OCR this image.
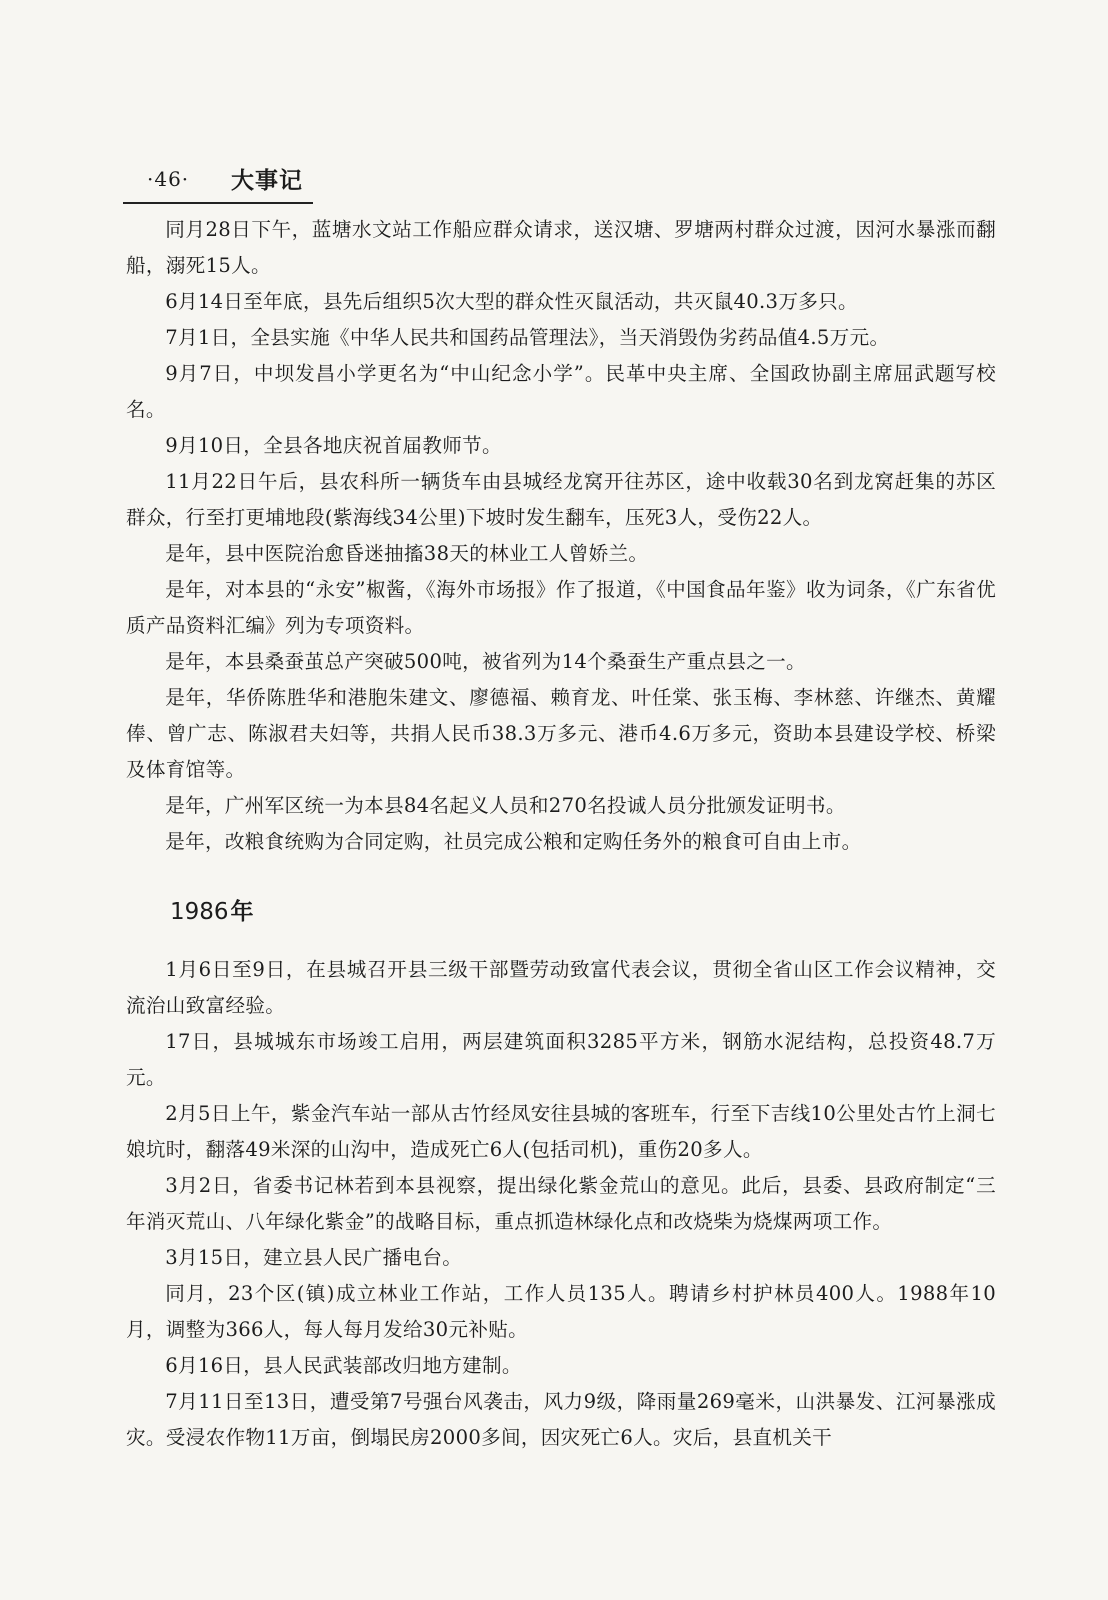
·46· 大事记

同月28日下午，蓝塘水文站工作船应群众请求，送汉塘、罗塘两村群众过渡，因河水暴涨而翻船，溺死15人。

6月14日至年底，县先后组织5次大型的群众性灭鼠活动，共灭鼠40.3万多只。

7月1日，全县实施《中华人民共和国药品管理法》，当天消毁伪劣药品值4.5万元。

9月7日，中坝发昌小学更名为“中山纪念小学”。民革中央主席、全国政协副主席屈武题写校名。

9月10日，全县各地庆祝首届教师节。

11月22日午后，县农科所一辆货车由县城经龙窝开往苏区，途中收载30名到龙窝赶集的苏区群众，行至打更埔地段(紫海线34公里)下坡时发生翻车，压死3人，受伤22人。

是年，县中医院治愈昏迷抽搐38天的林业工人曾娇兰。

是年，对本县的“永安”椒酱，《海外市场报》作了报道，《中国食品年鉴》收为词条，《广东省优质产品资料汇编》列为专项资料。

是年，本县桑蚕茧总产突破500吨，被省列为14个桑蚕生产重点县之一。

是年，华侨陈胜华和港胞朱建文、廖德福、赖育龙、叶任棠、张玉梅、李林慈、许继杰、黄耀俸、曾广志、陈淑君夫妇等，共捐人民币38.3万多元、港币4.6万多元，资助本县建设学校、桥梁及体育馆等。

是年，广州军区统一为本县84名起义人员和270名投诚人员分批颁发证明书。

是年，改粮食统购为合同定购，社员完成公粮和定购任务外的粮食可自由上市。

1986年

1月6日至9日，在县城召开县三级干部暨劳动致富代表会议，贯彻全省山区工作会议精神，交流治山致富经验。

17日，县城城东市场竣工启用，两层建筑面积3285平方米，钢筋水泥结构，总投资48.7万元。

2月5日上午，紫金汽车站一部从古竹经凤安往县城的客班车，行至下吉线10公里处古竹上洞七娘坑时，翻落49米深的山沟中，造成死亡6人(包括司机)，重伤20多人。

3月2日，省委书记林若到本县视察，提出绿化紫金荒山的意见。此后，县委、县政府制定“三年消灭荒山、八年绿化紫金”的战略目标，重点抓造林绿化点和改烧柴为烧煤两项工作。

3月15日，建立县人民广播电台。

同月，23个区(镇)成立林业工作站，工作人员135人。聘请乡村护林员400人。1988年10月，调整为366人，每人每月发给30元补贴。

6月16日，县人民武装部改归地方建制。

7月11日至13日，遭受第7号强台风袭击，风力9级，降雨量269毫米，山洪暴发、江河暴涨成灾。受浸农作物11万亩，倒塌民房2000多间，因灾死亡6人。灾后，县直机关干
